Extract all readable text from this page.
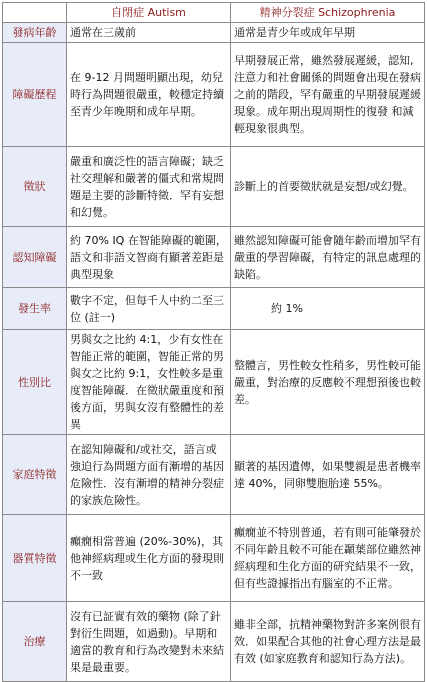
	自閉症 Autism	精神分裂症 Schizophrenia
發病年齡	通常在三歲前	通常是青少年或成年早期
障礙歷程	在 9-12 月問題明顯出現，幼兒時行為問題很嚴重，較穩定持續至青少年晚期和成年早期。	早期發展正常，雖然發展遲緩，認知,注意力和社會關係的問題會出現在發病之前的階段，罕有嚴重的早期發展遲緩現象。成年期出現周期性的復發 和減輕現象很典型。
徵狀	嚴重和廣泛性的語言障礙；缺乏社交理解和嚴著的僵式和常規問題是主要的診斷特徵．罕有妄想和幻覺。	診斷上的首要徵狀就是妄想/或幻覺。
認知障礙	約 70% IQ 在智能障礙的範圍，語文和非語文智商有顯著差距是典型現象	雖然認知障礙可能會隨年齡而增加罕有嚴重的學習障礙，有特定的訊息處理的缺陷。
發生率	數字不定，但每千人中約二至三位 (註一)	約 1%
性別比	男與女之比約 4:1，少有女性在智能正常的範圍，智能正常的男與女之比約 9:1，女性較多是重度智能障礙．在徵狀嚴重度和預後方面，男與女沒有整體性的差異	整體言，男性較女性稍多，男性較可能嚴重，對治療的反應較不理想預後也較差。
家庭特徵	在認知障礙和/或社交，語言或強迫行為問題方面有漸增的基因危險性．沒有漸增的精神分裂症的家族危險性。	顯著的基因遺傳，如果雙親是患者機率達 40%，同卵雙胞胎達 55%。
器質特徵	癲癇相當普遍 (20%-30%)，其他神經病理或生化方面的發現則不一致	癲癇並不特別普通，若有則可能肇發於不同年齡且較不可能在顳葉部位雖然神經病理和生化方面的研究結果不一致，但有些證據指出有腦室的不正常。
治療	沒有已証實有效的藥物 (除了針對衍生問題，如過動)。早期和適當的教育和行為改變對未來結果是最重要。	雖非全部，抗精神藥物對許多案例很有效．如果配合其他的社會心理方法是最有效 (如家庭教育和認知行為方法)。
